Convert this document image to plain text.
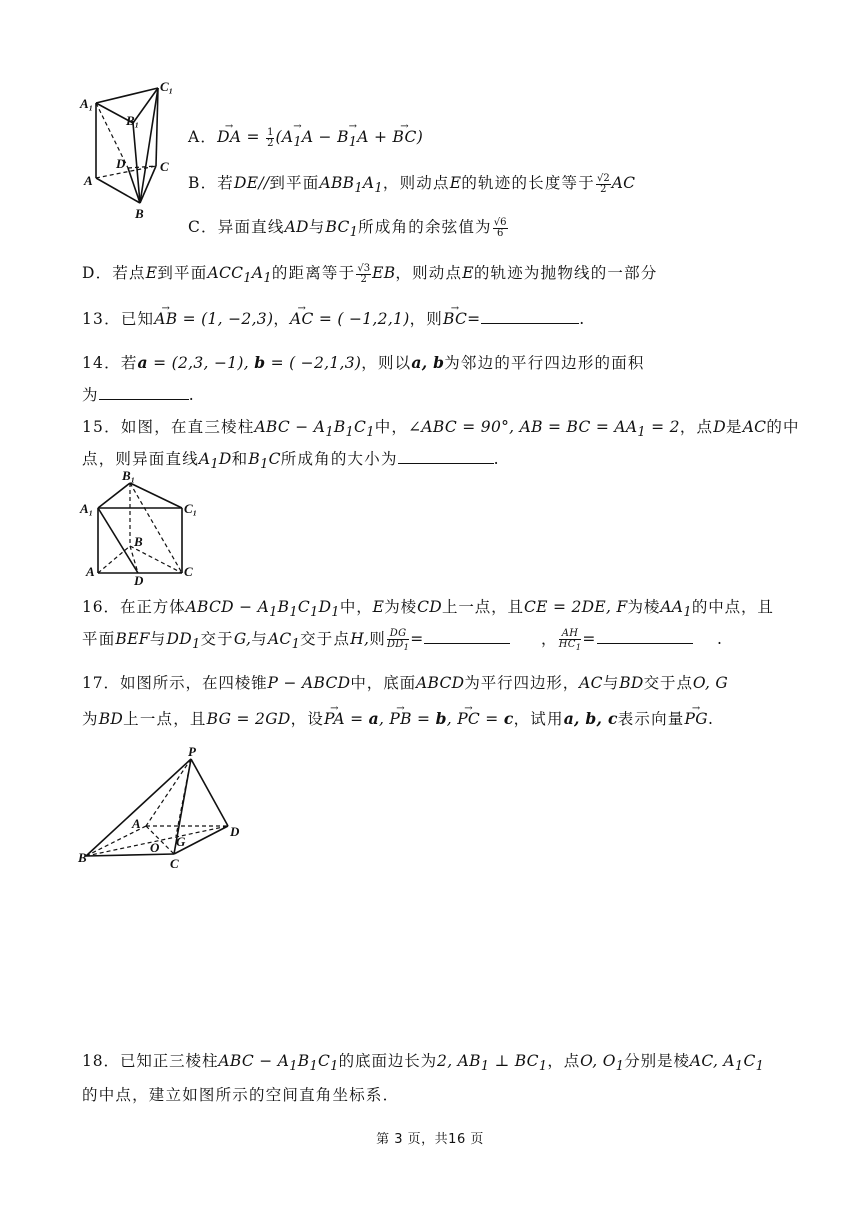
A₁
C₁
B₁
D	C
A
B
A．→ DA = $\frac{1}{2}$ (→ $A_1A$ − → $B_1A$ + → BC)
B．若DE//到平面$ABB_1A_1$，则动点E的轨迹的长度等于 $\frac{√2}{2}$ AC
C．异面直线AD与$BC_1$所成角的余弦值为 $\frac{√6}{6}$
D．若点E到平面$ACC_1A_1$的距离等于 $\frac{√3}{2}$ EB，则动点E的轨迹为抛物线的一部分
13．已知→ AB = (1, −2,3)，→ AC = ( −1,2,1)，则→ BC=	.
14．若a = (2,3, −1), b = ( −2,1,3)，则以a, b为邻边的平行四边形的面积
为	.
15．如图，在直三棱柱ABC − $A_1B_1C_1$中，∠ABC = 90°, AB = BC = $AA_1 = 2$，点D是AC的中
点，则异面直线$A_1D$和$B_1C$所成角的大小为	.
B₁
A₁	C₁
B
A
D
C
16．在正方体ABCD − $A_1B_1C_1D_1$中，E为棱CD上一点，且CE = 2DE, F为棱$AA_1$的中点，且
平面BEF与$DD_1$交于G,与$AC_1$交于点H,则 $\frac{DG}{DD_1}$ =	， $\frac{AH}{HC_1}$ =	.
17．如图所示，在四棱锥P − ABCD中，底面ABCD为平行四边形，AC与BD交于点O, G
为BD上一点，且BG = 2GD，设→ PA = a, → PB = b, → PC = c，试用a, b, c表示向量→ PG.
P
A
D
B
O G
C
18．已知正三棱柱ABC − $A_1B_1C_1$的底面边长为2, $AB_1$ ⊥ $BC_1$，点O, $O_1$分别是棱AC, $A_1C_1$
的中点，建立如图所示的空间直角坐标系．
第 3 页，共16 页
